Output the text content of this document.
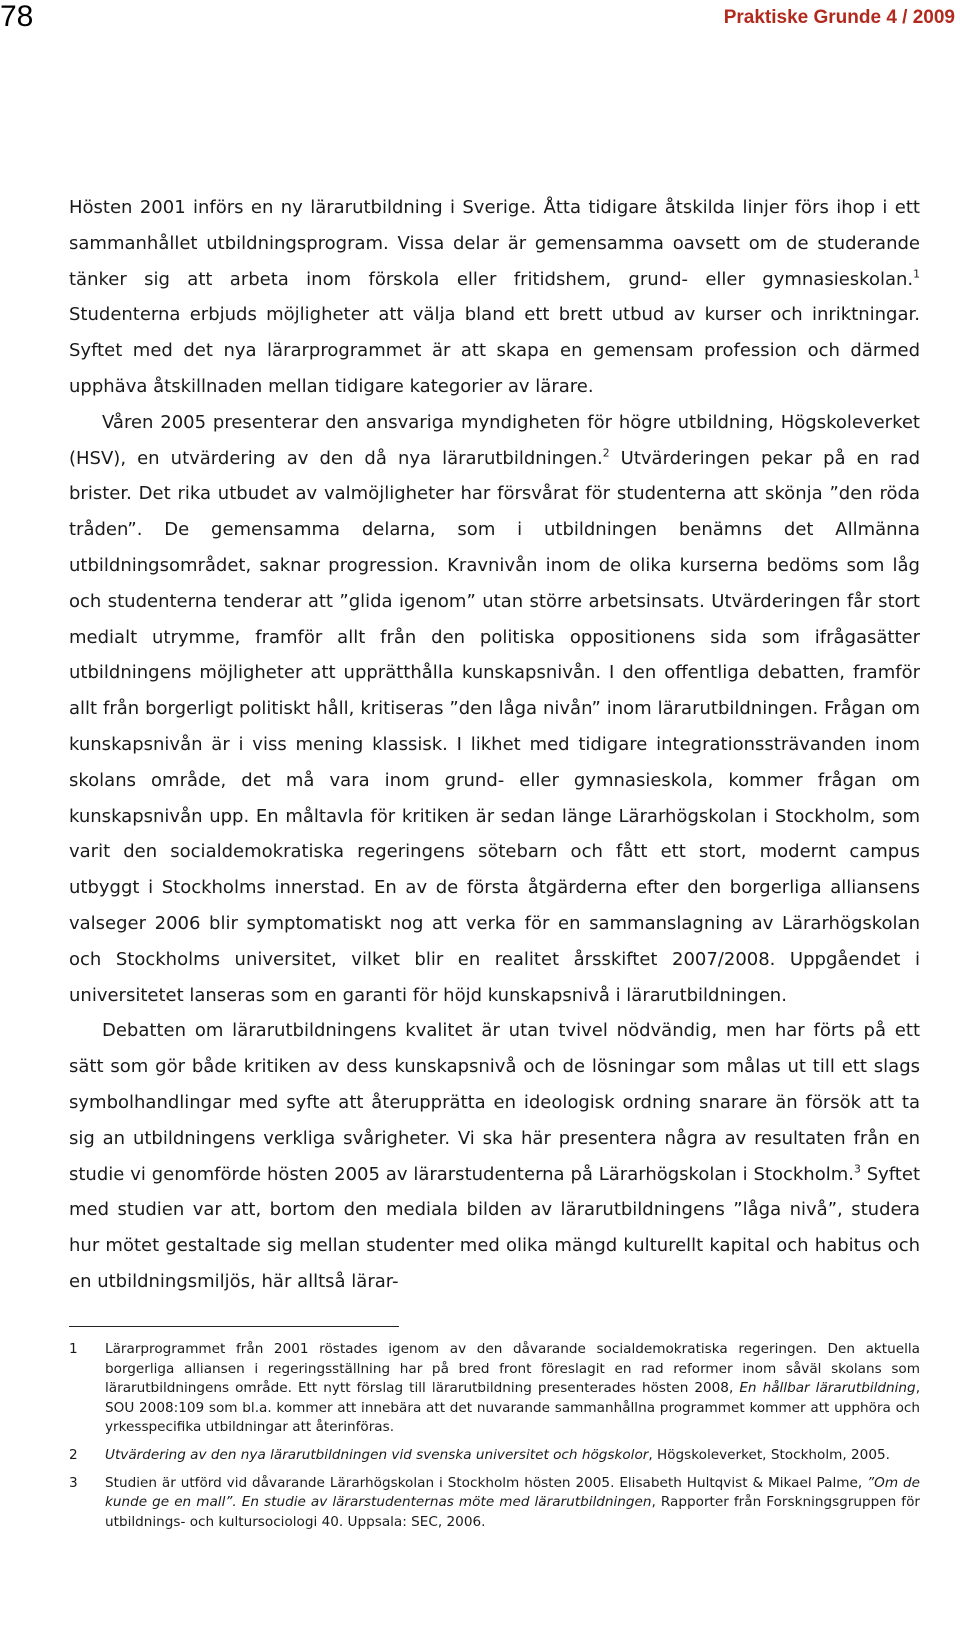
78	Praktiske Grunde 4 / 2009

Hösten 2001 införs en ny lärarutbildning i Sverige. Åtta tidigare åtskilda linjer förs ihop i ett sammanhållet utbildningsprogram. Vissa delar är gemensamma oavsett om de studerande tänker sig att arbeta inom förskola eller fritidshem, grund- eller gymnasieskolan.$^1$ Studenterna erbjuds möjligheter att välja bland ett brett utbud av kurser och inriktningar. Syftet med det nya lärarprogrammet är att skapa en gemensam profession och därmed upphäva åtskillnaden mellan tidigare kategorier av lärare.

Våren 2005 presenterar den ansvariga myndigheten för högre utbildning, Högskoleverket (HSV), en utvärdering av den då nya lärarutbildningen.$^2$ Utvärderingen pekar på en rad brister. Det rika utbudet av valmöjligheter har försvårat för studenterna att skönja ”den röda tråden”. De gemensamma delarna, som i utbildningen benämns det Allmänna utbildningsområdet, saknar progression. Kravnivån inom de olika kurserna bedöms som låg och studenterna tenderar att ”glida igenom” utan större arbetsinsats. Utvärderingen får stort medialt utrymme, framför allt från den politiska oppositionens sida som ifrågasätter utbildningens möjligheter att upprätthålla kunskapsnivån. I den offentliga debatten, framför allt från borgerligt politiskt håll, kritiseras ”den låga nivån” inom lärarutbildningen. Frågan om kunskapsnivån är i viss mening klassisk. I likhet med tidigare integrationssträvanden inom skolans område, det må vara inom grund- eller gymnasieskola, kommer frågan om kunskapsnivån upp. En måltavla för kritiken är sedan länge Lärarhögskolan i Stockholm, som varit den socialdemokratiska regeringens sötebarn och fått ett stort, modernt campus utbyggt i Stockholms innerstad. En av de första åtgärderna efter den borgerliga alliansens valseger 2006 blir symptomatiskt nog att verka för en sammanslagning av Lärarhögskolan och Stockholms universitet, vilket blir en realitet årsskiftet 2007/2008. Uppgåendet i universitetet lanseras som en garanti för höjd kunskapsnivå i lärarutbildningen.

Debatten om lärarutbildningens kvalitet är utan tvivel nödvändig, men har förts på ett sätt som gör både kritiken av dess kunskapsnivå och de lösningar som målas ut till ett slags symbolhandlingar med syfte att återupprätta en ideologisk ordning snarare än försök att ta sig an utbildningens verkliga svårigheter. Vi ska här presentera några av resultaten från en studie vi genomförde hösten 2005 av lärarstudenterna på Lärarhögskolan i Stockholm.$^3$ Syftet med studien var att, bortom den mediala bilden av lärarutbildningens ”låga nivå”, studera hur mötet gestaltade sig mellan studenter med olika mängd kulturellt kapital och habitus och en utbildningsmiljös, här alltså lärar-

1	Lärarprogrammet från 2001 röstades igenom av den dåvarande socialdemokratiska regeringen. Den aktuella borgerliga alliansen i regeringsställning har på bred front föreslagit en rad reformer inom såväl skolans som lärarutbildningens område. Ett nytt förslag till lärarutbildning presenterades hösten 2008, En hållbar lärarutbildning, SOU 2008:109 som bl.a. kommer att innebära att det nuvarande sammanhållna programmet kommer att upphöra och yrkesspecifika utbildningar att återinföras.
2	Utvärdering av den nya lärarutbildningen vid svenska universitet och högskolor, Högskoleverket, Stockholm, 2005.
3	Studien är utförd vid dåvarande Lärarhögskolan i Stockholm hösten 2005. Elisabeth Hultqvist & Mikael Palme, ”Om de kunde ge en mall”. En studie av lärarstudenternas möte med lärarutbildningen, Rapporter från Forskningsgruppen för utbildnings- och kultursociologi 40. Uppsala: SEC, 2006.
